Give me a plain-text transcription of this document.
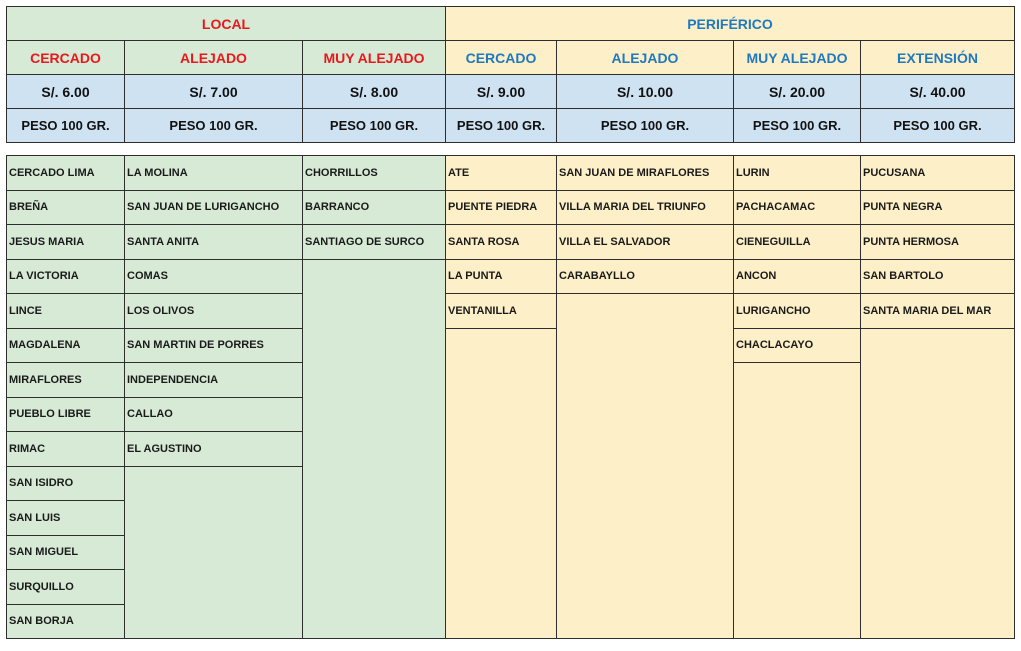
LOCAL			PERIFÉRICO			
CERCADO	ALEJADO	MUY ALEJADO	CERCADO	ALEJADO	MUY ALEJADO	EXTENSIÓN
S/. 6.00	S/. 7.00	S/. 8.00	S/. 9.00	S/. 10.00	S/. 20.00	S/. 40.00
PESO 100 GR.	PESO 100 GR.	PESO 100 GR.	PESO 100 GR.	PESO 100 GR.	PESO 100 GR.	PESO 100 GR.
CERCADO LIMA	LA MOLINA	CHORRILLOS	ATE	SAN JUAN DE MIRAFLORES	LURIN	PUCUSANA
BREÑA	SAN JUAN DE LURIGANCHO	BARRANCO	PUENTE PIEDRA	VILLA MARIA DEL TRIUNFO	PACHACAMAC	PUNTA NEGRA
JESUS MARIA	SANTA ANITA	SANTIAGO DE SURCO	SANTA ROSA	VILLA EL SALVADOR	CIENEGUILLA	PUNTA HERMOSA
LA VICTORIA	COMAS		LA PUNTA	CARABAYLLO	ANCON	SAN BARTOLO
LINCE	LOS OLIVOS		VENTANILLA		LURIGANCHO	SANTA MARIA DEL MAR
MAGDALENA	SAN MARTIN DE PORRES				CHACLACAYO	
MIRAFLORES	INDEPENDENCIA					
PUEBLO LIBRE	CALLAO					
RIMAC	EL AGUSTINO					
SAN ISIDRO						
SAN LUIS						
SAN MIGUEL						
SURQUILLO						
SAN BORJA						
